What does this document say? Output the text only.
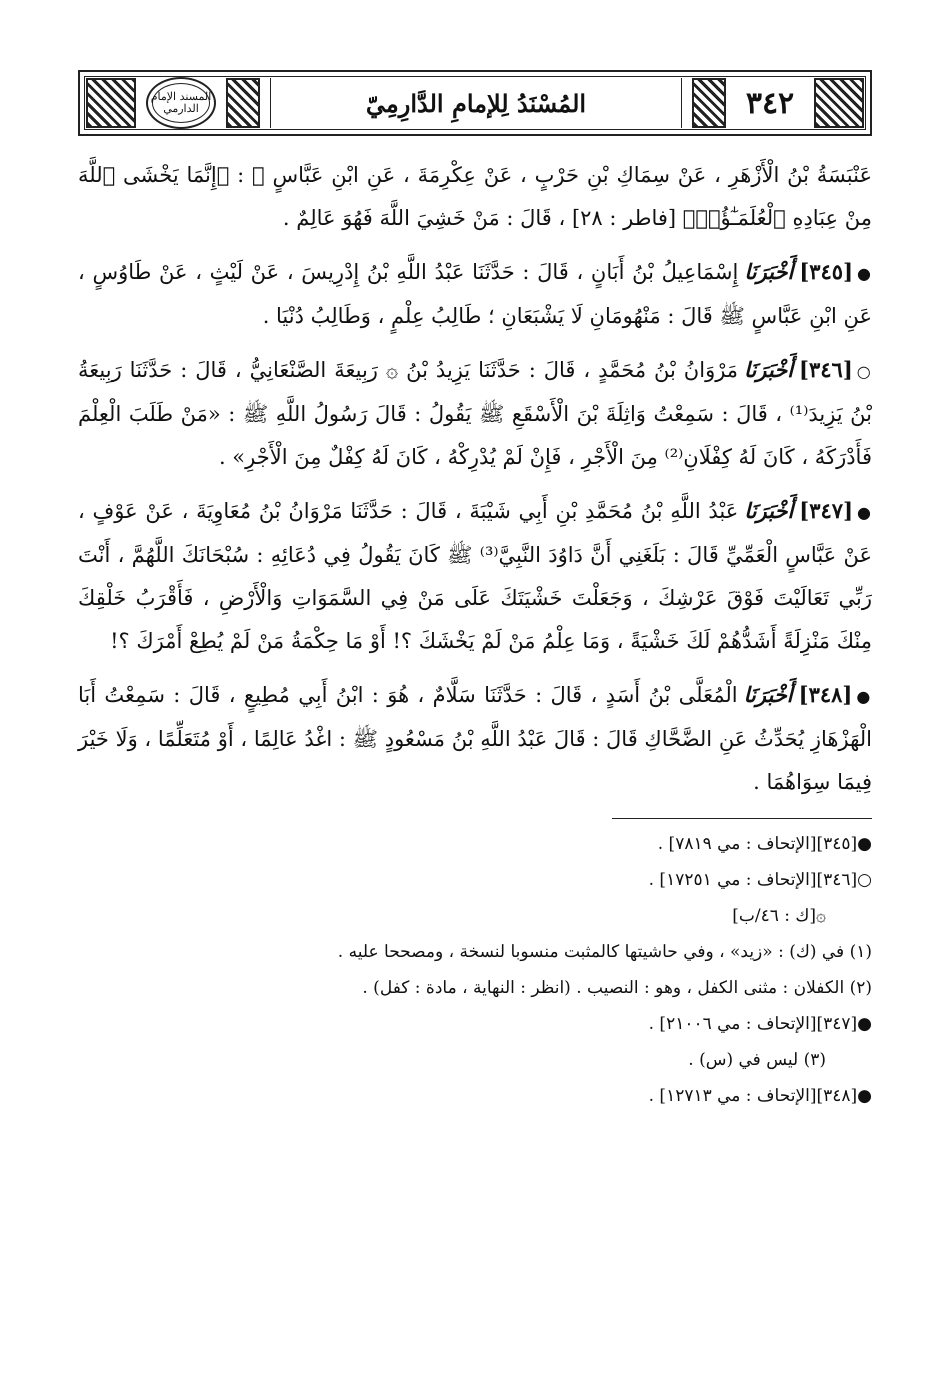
٣٤٢
المُسْنَدُ لِلإمامِ الدَّارِمِيّ
المسند الإمام الدارمي

عَنْبَسَةُ بْنُ الْأَزْهَرِ ، عَنْ سِمَاكِ بْنِ حَرْبٍ ، عَنْ عِكْرِمَةَ ، عَنِ ابْنِ عَبَّاسٍ ﷺ : ﴿إِنَّمَا يَخْشَى ٱللَّهَ مِنْ عِبَادِهِ ٱلْعُلَمَـٰٓؤُا۟﴾ [فاطر : ٢٨] ، قَالَ : مَنْ خَشِيَ اللَّهَ فَهُوَ عَالِمٌ .

●[٣٤٥]أَخْبَرَنَاإِسْمَاعِيلُ بْنُ أَبَانٍ ، قَالَ : حَدَّثَنَا عَبْدُ اللَّهِ بْنُ إِدْرِيسَ ، عَنْ لَيْثٍ ، عَنْ طَاوُسٍ ، عَنِ ابْنِ عَبَّاسٍ ﷺ قَالَ : مَنْهُومَانِ لَا يَشْبَعَانِ ؛ طَالِبُ عِلْمٍ ، وَطَالِبُ دُنْيَا .

○[٣٤٦]أَخْبَرَنَامَرْوَانُ بْنُ مُحَمَّدٍ ، قَالَ : حَدَّثَنَا يَزِيدُ بْنُ ۞ رَبِيعَةَ الصَّنْعَانِيُّ ، قَالَ : حَدَّثَنَا رَبِيعَةُ بْنُ يَزِيدَ⁽¹⁾ ، قَالَ : سَمِعْتُ وَاثِلَةَ بْنَ الْأَسْقَعِ ﷺ يَقُولُ : قَالَ رَسُولُ اللَّهِ ﷺ : «مَنْ طَلَبَ الْعِلْمَ فَأَدْرَكَهُ ، كَانَ لَهُ كِفْلَانِ⁽²⁾ مِنَ الْأَجْرِ ، فَإِنْ لَمْ يُدْرِكْهُ ، كَانَ لَهُ كِفْلٌ مِنَ الْأَجْرِ» .

●[٣٤٧]أَخْبَرَنَاعَبْدُ اللَّهِ بْنُ مُحَمَّدِ بْنِ أَبِي شَيْبَةَ ، قَالَ : حَدَّثَنَا مَرْوَانُ بْنُ مُعَاوِيَةَ ، عَنْ عَوْفٍ ، عَنْ عَبَّاسٍ الْعَمِّيِّ قَالَ : بَلَغَنِي أَنَّ دَاوُدَ النَّبِيَّ⁽³⁾ ﷺ كَانَ يَقُولُ فِي دُعَائِهِ : سُبْحَانَكَ اللَّهُمَّ ، أَنْتَ رَبِّي تَعَالَيْتَ فَوْقَ عَرْشِكَ ، وَجَعَلْتَ خَشْيَتَكَ عَلَى مَنْ فِي السَّمَوَاتِ وَالْأَرْضِ ، فَأَقْرَبُ خَلْقِكَ مِنْكَ مَنْزِلَةً أَشَدُّهُمْ لَكَ خَشْيَةً ، وَمَا عِلْمُ مَنْ لَمْ يَخْشَكَ ؟! أَوْ مَا حِكْمَةُ مَنْ لَمْ يُطِعْ أَمْرَكَ ؟!

●[٣٤٨]أَخْبَرَنَاالْمُعَلَّى بْنُ أَسَدٍ ، قَالَ : حَدَّثَنَا سَلَّامٌ ، هُوَ : ابْنُ أَبِي مُطِيعٍ ، قَالَ : سَمِعْتُ أَبَا الْهَزْهَازِ يُحَدِّثُ عَنِ الضَّحَّاكِ قَالَ : قَالَ عَبْدُ اللَّهِ بْنُ مَسْعُودٍ ﷺ : اغْدُ عَالِمًا ، أَوْ مُتَعَلِّمًا ، وَلَا خَيْرَ فِيمَا سِوَاهُمَا .

●[٣٤٥][الإتحاف : مي ٧٨١٩] .

○[٣٤٦][الإتحاف : مي ١٧٢٥١] .

۞[ك : ٤٦/ب]

(١) في (ك) : «زيد» ، وفي حاشيتها كالمثبت منسوبا لنسخة ، ومصححا عليه .

(٢) الكفلان : مثنى الكفل ، وهو : النصيب . (انظر : النهاية ، مادة : كفل) .

●[٣٤٧][الإتحاف : مي ٢١٠٠٦] .

(٣) ليس في (س) .

●[٣٤٨][الإتحاف : مي ١٢٧١٣] .
